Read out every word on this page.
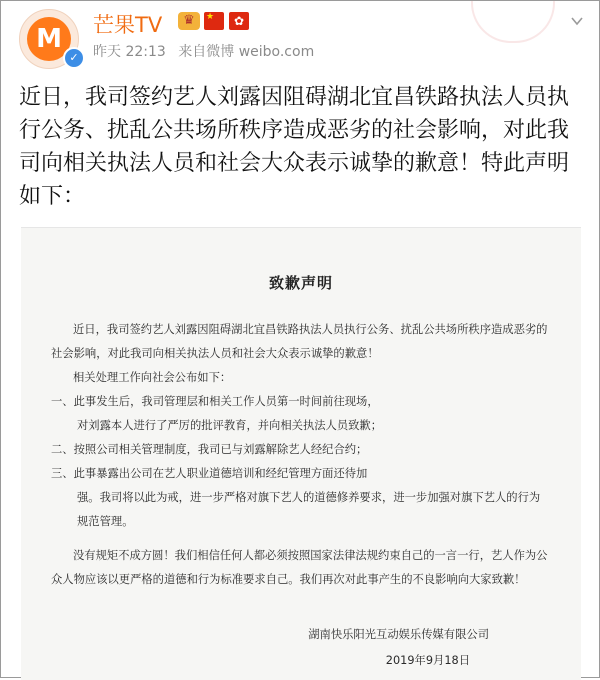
M
✓
芒果TV	♛	★	✿
昨天 22:13 来自微博 weibo.com

近日，我司签约艺人刘露因阻碍湖北宜昌铁路执法人员执行公务、扰乱公共场所秩序造成恶劣的社会影响，对此我司向相关执法人员和社会大众表示诚挚的歉意！特此声明如下：

致歉声明

近日，我司签约艺人刘露因阻碍湖北宜昌铁路执法人员执行公务、扰乱公共场所秩序造成恶劣的社会影响，对此我司向相关执法人员和社会大众表示诚挚的歉意！

相关处理工作向社会公布如下：

一、 此事发生后，我司管理层和相关工作人员第一时间前往现场，

对刘露本人进行了严厉的批评教育，并向相关执法人员致歉；

二、 按照公司相关管理制度，我司已与刘露解除艺人经纪合约；
三、 此事暴露出公司在艺人职业道德培训和经纪管理方面还待加

强。我司将以此为戒，进一步严格对旗下艺人的道德修养要求，进一步加强对旗下艺人的行为规范管理。

没有规矩不成方圆！我们相信任何人都必须按照国家法律法规约束自己的一言一行，艺人作为公众人物应该以更严格的道德和行为标准要求自己。我们再次对此事产生的不良影响向大家致歉！

湖南快乐阳光互动娱乐传媒有限公司
2019年9月18日
